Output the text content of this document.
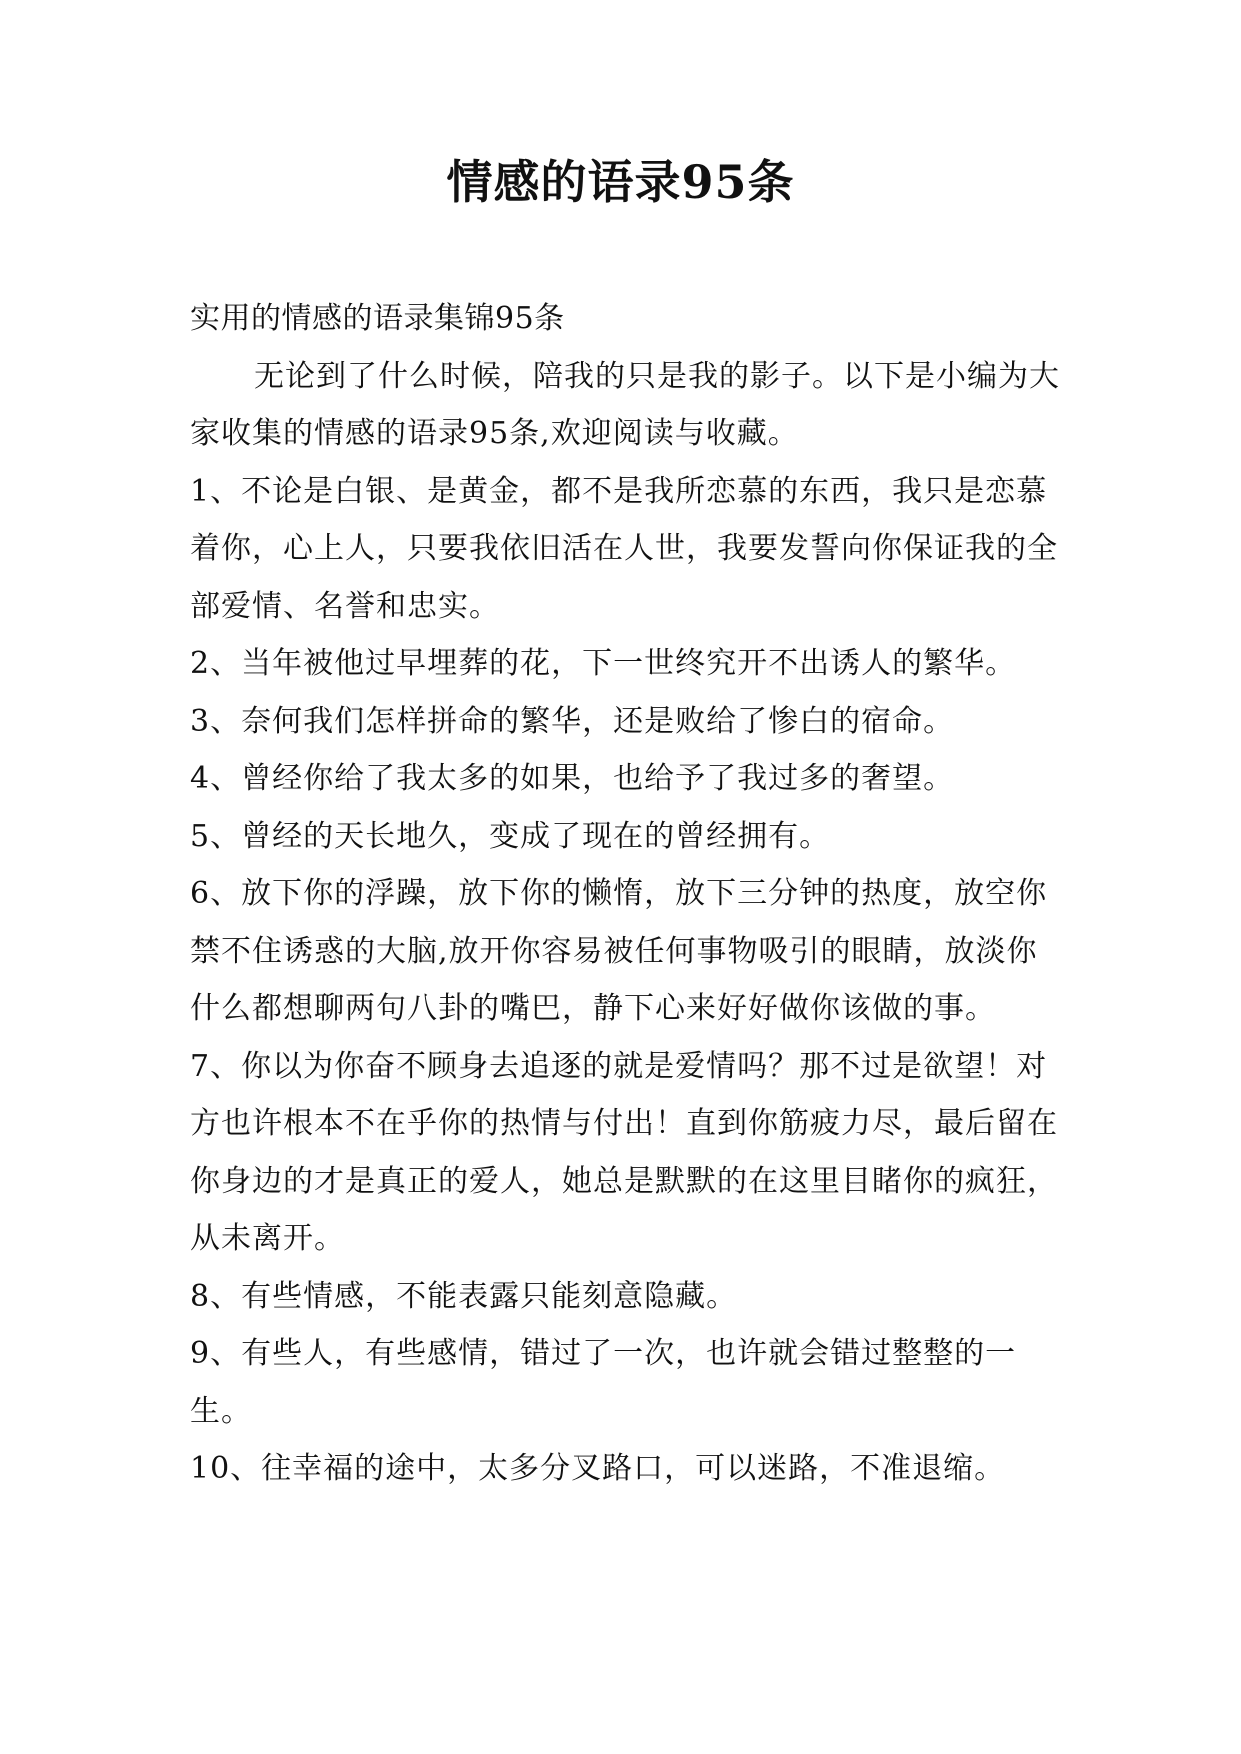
情感的语录95条

实用的情感的语录集锦95条

无论到了什么时候，陪我的只是我的影子。以下是小编为大家收集的情感的语录95条,欢迎阅读与收藏。

1、不论是白银、是黄金，都不是我所恋慕的东西，我只是恋慕着你，心上人，只要我依旧活在人世，我要发誓向你保证我的全部爱情、名誉和忠实。

2、当年被他过早埋葬的花，下一世终究开不出诱人的繁华。

3、奈何我们怎样拼命的繁华，还是败给了惨白的宿命。

4、曾经你给了我太多的如果，也给予了我过多的奢望。

5、曾经的天长地久，变成了现在的曾经拥有。

6、放下你的浮躁，放下你的懒惰，放下三分钟的热度，放空你禁不住诱惑的大脑,放开你容易被任何事物吸引的眼睛，放淡你什么都想聊两句八卦的嘴巴，静下心来好好做你该做的事。

7、你以为你奋不顾身去追逐的就是爱情吗？那不过是欲望！对方也许根本不在乎你的热情与付出！直到你筋疲力尽，最后留在你身边的才是真正的爱人，她总是默默的在这里目睹你的疯狂，从未离开。

8、有些情感，不能表露只能刻意隐藏。

9、有些人，有些感情，错过了一次，也许就会错过整整的一生。

10、往幸福的途中，太多分叉路口，可以迷路，不准退缩。
